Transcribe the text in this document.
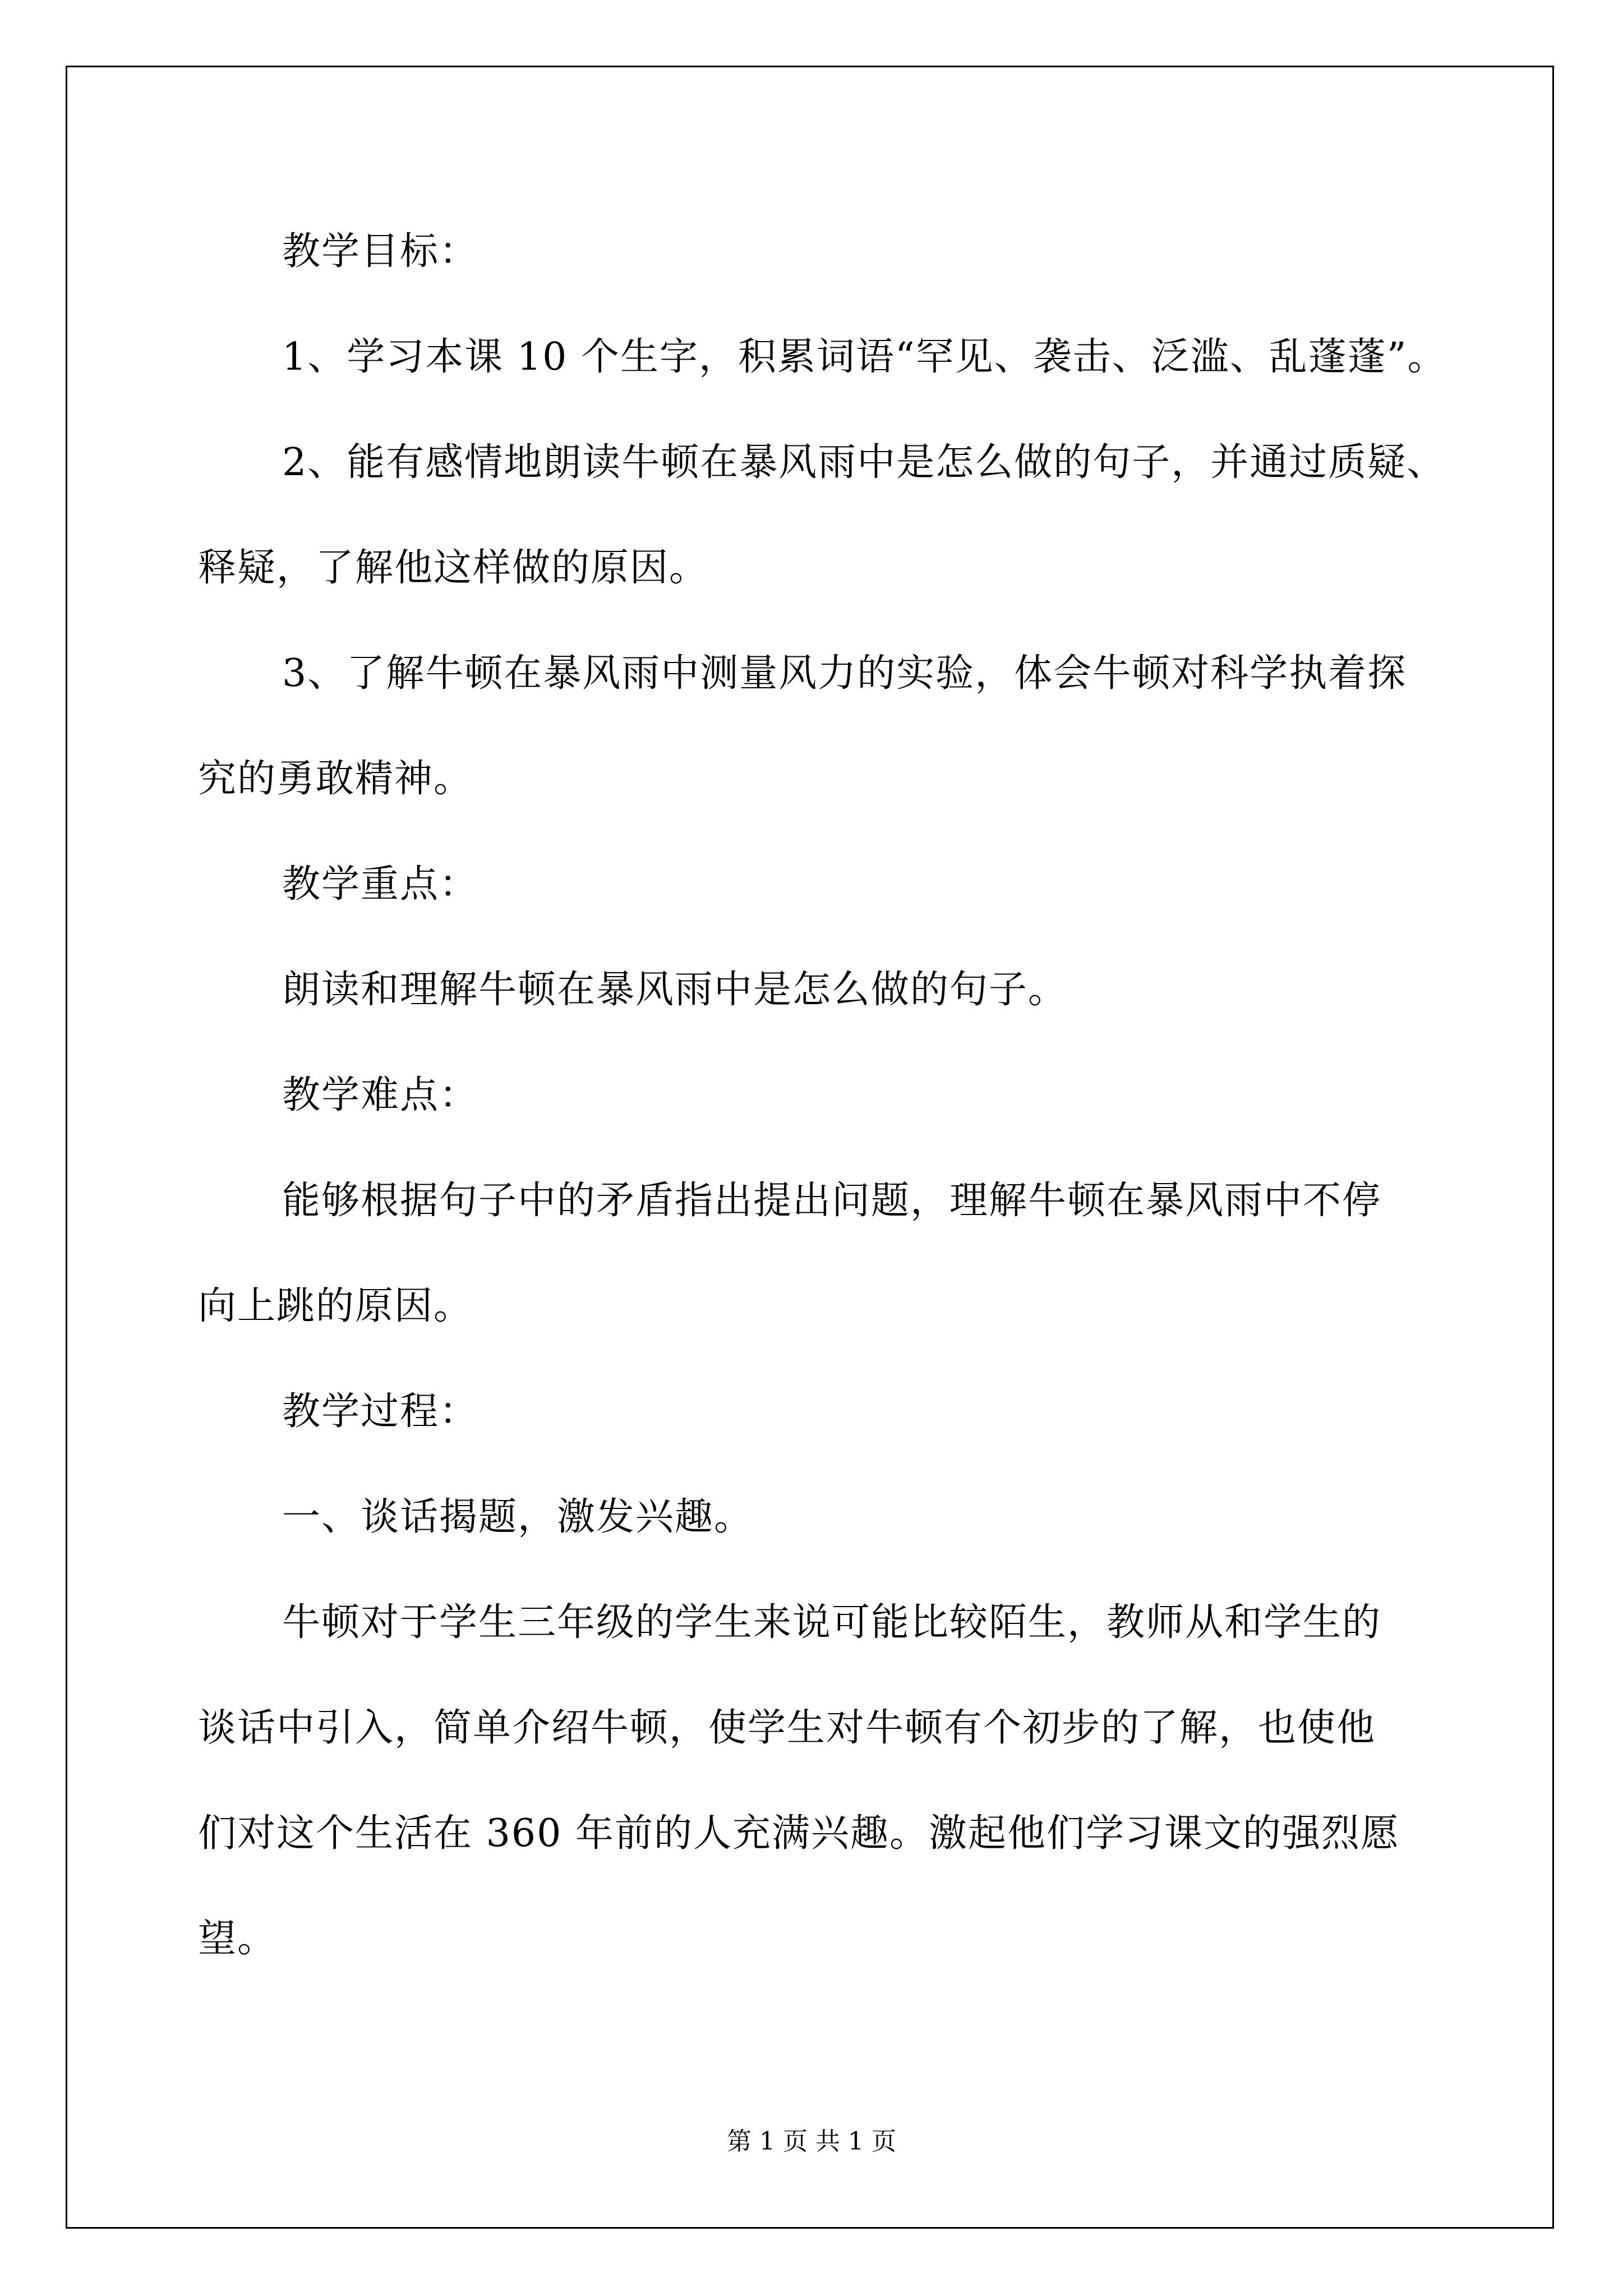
教学目标：
1、学习本课 10 个生字，积累词语“罕见、袭击、泛滥、乱蓬蓬”。
2、能有感情地朗读牛顿在暴风雨中是怎么做的句子，并通过质疑、
释疑，了解他这样做的原因。
3、了解牛顿在暴风雨中测量风力的实验，体会牛顿对科学执着探
究的勇敢精神。
教学重点：
朗读和理解牛顿在暴风雨中是怎么做的句子。
教学难点：
能够根据句子中的矛盾指出提出问题，理解牛顿在暴风雨中不停
向上跳的原因。
教学过程：
一、谈话揭题，激发兴趣。
牛顿对于学生三年级的学生来说可能比较陌生，教师从和学生的
谈话中引入，简单介绍牛顿，使学生对牛顿有个初步的了解，也使他
们对这个生活在 360 年前的人充满兴趣。激起他们学习课文的强烈愿
望。
第 1 页 共 1 页
